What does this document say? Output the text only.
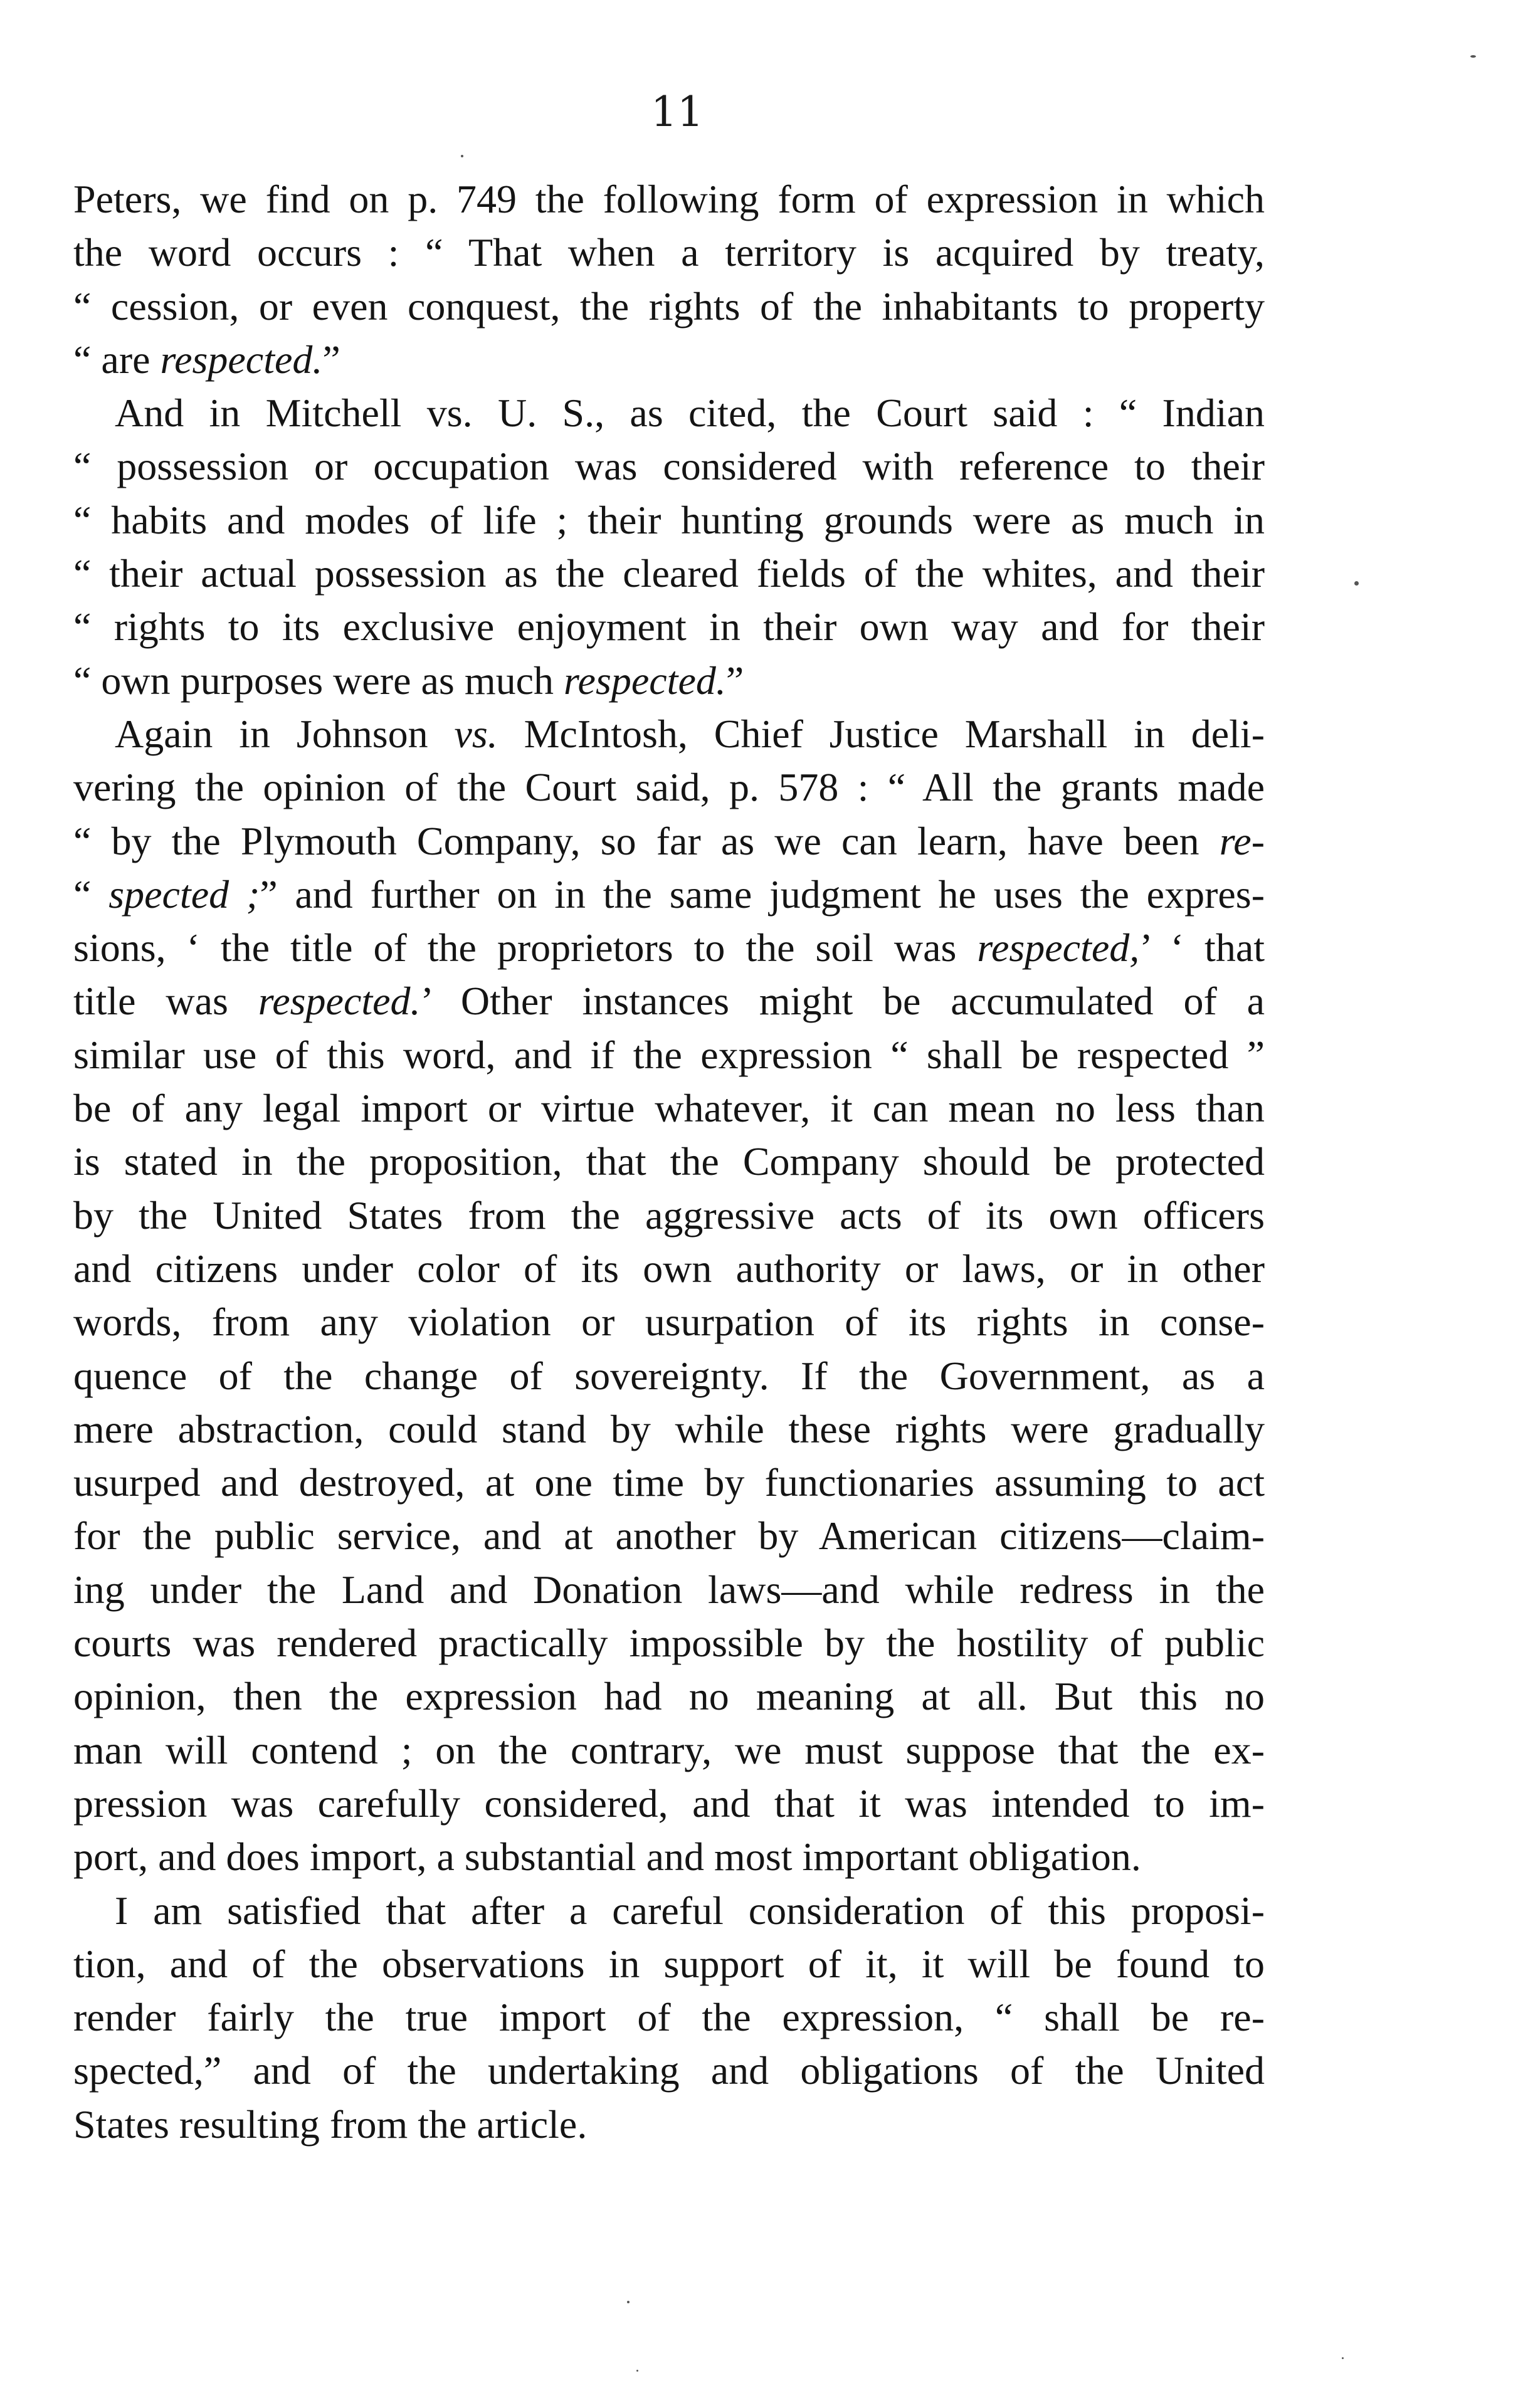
11

Peters, we find on p. 749 the following form of expression in which
the word occurs : “ That when a territory is acquired by treaty,
“ cession, or even conquest, the rights of the inhabitants to property
“ are respected.”

And in Mitchell vs. U. S., as cited, the Court said : “ Indian
“ possession or occupation was considered with reference to their
“ habits and modes of life ; their hunting grounds were as much in
“ their actual possession as the cleared fields of the whites, and their
“ rights to its exclusive enjoyment in their own way and for their
“ own purposes were as much respected.”

Again in Johnson vs. McIntosh, Chief Justice Marshall in deli-
vering the opinion of the Court said, p. 578 : “ All the grants made
“ by the Plymouth Company, so far as we can learn, have been re-
“ spected ;” and further on in the same judgment he uses the expres-
sions, ‘ the title of the proprietors to the soil was respected,’ ‘ that
title was respected.’ Other instances might be accumulated of a
similar use of this word, and if the expression “ shall be respected ”
be of any legal import or virtue whatever, it can mean no less than
is stated in the proposition, that the Company should be protected
by the United States from the aggressive acts of its own officers
and citizens under color of its own authority or laws, or in other
words, from any violation or usurpation of its rights in conse-
quence of the change of sovereignty. If the Government, as a
mere abstraction, could stand by while these rights were gradually
usurped and destroyed, at one time by functionaries assuming to act
for the public service, and at another by American citizens—claim-
ing under the Land and Donation laws—and while redress in the
courts was rendered practically impossible by the hostility of public
opinion, then the expression had no meaning at all. But this no
man will contend ; on the contrary, we must suppose that the ex-
pression was carefully considered, and that it was intended to im-
port, and does import, a substantial and most important obligation.

I am satisfied that after a careful consideration of this proposi-
tion, and of the observations in support of it, it will be found to
render fairly the true import of the expression, “ shall be re-
spected,” and of the undertaking and obligations of the United
States resulting from the article.
